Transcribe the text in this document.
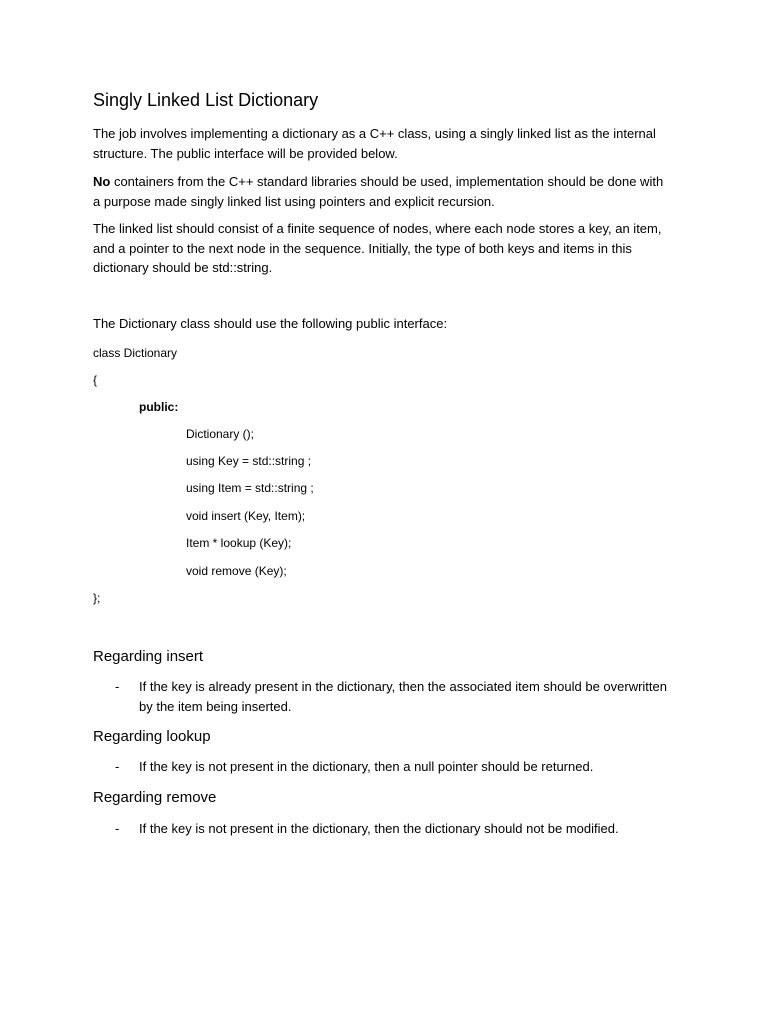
Singly Linked List Dictionary

The job involves implementing a dictionary as a C++ class, using a singly linked list as the internal structure. The public interface will be provided below.

No containers from the C++ standard libraries should be used, implementation should be done with a purpose made singly linked list using pointers and explicit recursion.

The linked list should consist of a finite sequence of nodes, where each node stores a key, an item, and a pointer to the next node in the sequence. Initially, the type of both keys and items in this dictionary should be std::string.

The Dictionary class should use the following public interface:
class Dictionary
{
public:
Dictionary ();
using Key = std::string ;
using Item = std::string ;
void insert (Key, Item);
Item * lookup (Key);
void remove (Key);
};
Regarding insert
- If the key is already present in the dictionary, then the associated item should be overwritten by the item being inserted.
Regarding lookup
- If the key is not present in the dictionary, then a null pointer should be returned.
Regarding remove
- If the key is not present in the dictionary, then the dictionary should not be modified.
